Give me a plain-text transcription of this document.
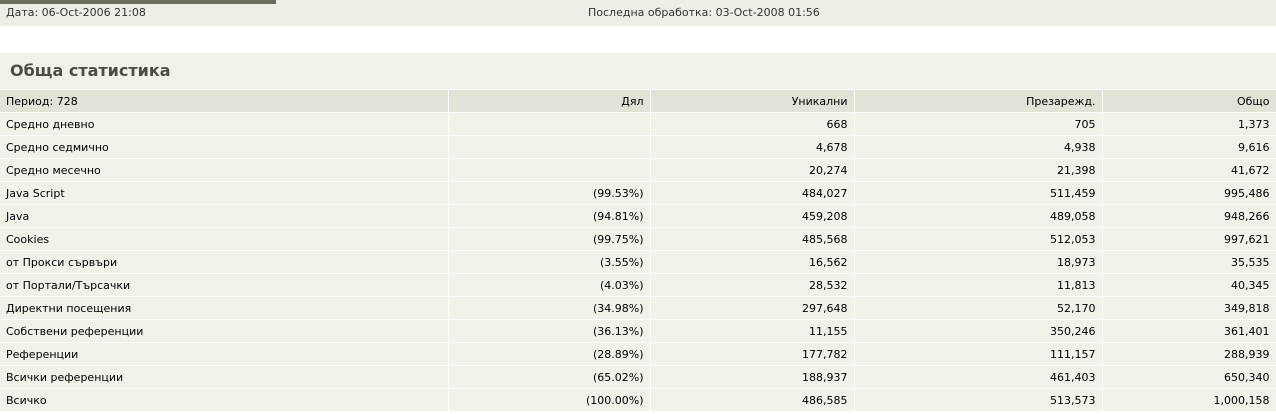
Дата: 06-Oct-2006 21:08	Последна обработка: 03-Oct-2008 01:56
Обща статистика
Период: 728	Дял	Уникални	Презарежд.	Общо
Средно дневно		668	705	1,373
Средно седмично		4,678	4,938	9,616
Средно месечно		20,274	21,398	41,672
Java Script	(99.53%)	484,027	511,459	995,486
Java	(94.81%)	459,208	489,058	948,266
Cookies	(99.75%)	485,568	512,053	997,621
от Прокси сървъри	(3.55%)	16,562	18,973	35,535
от Портали/Търсачки	(4.03%)	28,532	11,813	40,345
Директни посещения	(34.98%)	297,648	52,170	349,818
Собствени референции	(36.13%)	11,155	350,246	361,401
Референции	(28.89%)	177,782	111,157	288,939
Всички референции	(65.02%)	188,937	461,403	650,340
Всичко	(100.00%)	486,585	513,573	1,000,158
